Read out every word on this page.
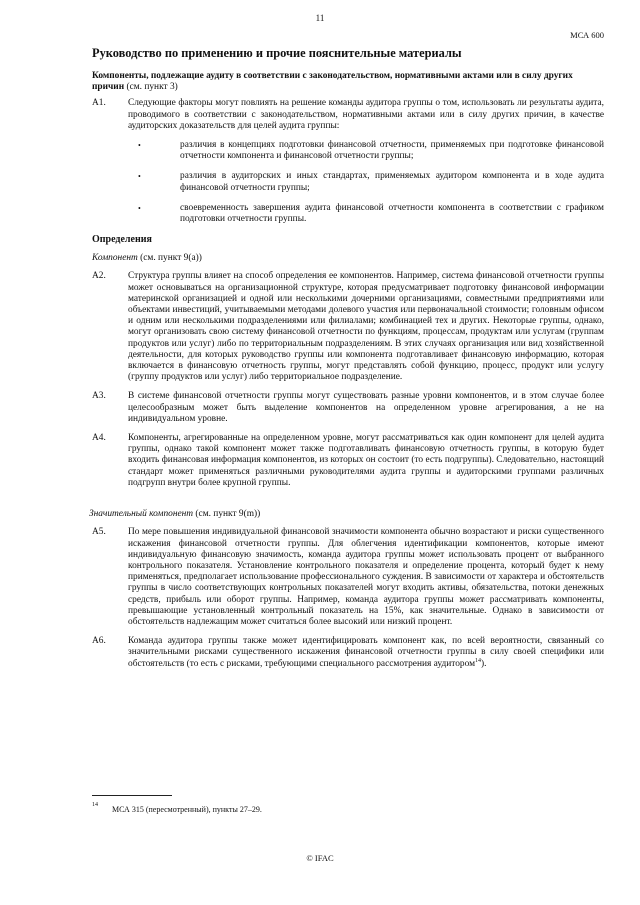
11
МСА 600
Руководство по применению и прочие пояснительные материалы

Компоненты, подлежащие аудиту в соответствии с законодательством, нормативными актами или в силу других причин (см. пункт 3)

A1.	Следующие факторы могут повлиять на решение команды аудитора группы о том, использовать ли результаты аудита, проводимого в соответствии с законодательством, нормативными актами или в силу других причин, в качестве аудиторских доказательств для целей аудита группы:
•	различия в концепциях подготовки финансовой отчетности, применяемых при подготовке финансовой отчетности компонента и финансовой отчетности группы;
•	различия в аудиторских и иных стандартах, применяемых аудитором компонента и в ходе аудита финансовой отчетности группы;
•	своевременность завершения аудита финансовой отчетности компонента в соответствии с графиком подготовки отчетности группы.
Определения

Компонент (см. пункт 9(a))

A2.	Структура группы влияет на способ определения ее компонентов. Например, система финансовой отчетности группы может основываться на организационной структуре, которая предусматривает подготовку финансовой информации материнской организацией и одной или несколькими дочерними организациями, совместными предприятиями или объектами инвестиций, учитываемыми методами долевого участия или первоначальной стоимости; головным офисом и одним или несколькими подразделениями или филиалами; комбинацией тех и других. Некоторые группы, однако, могут организовать свою систему финансовой отчетности по функциям, процессам, продуктам или услугам (группам продуктов или услуг) либо по территориальным подразделениям. В этих случаях организация или вид хозяйственной деятельности, для которых руководство группы или компонента подготавливает финансовую информацию, которая включается в финансовую отчетность группы, могут представлять собой функцию, процесс, продукт или услугу (группу продуктов или услуг) либо территориальное подразделение.
A3.	В системе финансовой отчетности группы могут существовать разные уровни компонентов, и в этом случае более целесообразным может быть выделение компонентов на определенном уровне агрегирования, а не на индивидуальном уровне.
A4.	Компоненты, агрегированные на определенном уровне, могут рассматриваться как один компонент для целей аудита группы, однако такой компонент может также подготавливать финансовую отчетность группы, в которую будет входить финансовая информация компонентов, из которых он состоит (то есть подгруппы). Следовательно, настоящий стандарт может применяться различными руководителями аудита группы и аудиторскими группами различных подгрупп внутри более крупной группы.

Значительный компонент (см. пункт 9(m))

A5.	По мере повышения индивидуальной финансовой значимости компонента обычно возрастают и риски существенного искажения финансовой отчетности группы. Для облегчения идентификации компонентов, которые имеют индивидуальную финансовую значимость, команда аудитора группы может использовать процент от выбранного контрольного показателя. Установление контрольного показателя и определение процента, который будет к нему применяться, предполагает использование профессионального суждения. В зависимости от характера и обстоятельств группы в число соответствующих контрольных показателей могут входить активы, обязательства, потоки денежных средств, прибыль или оборот группы. Например, команда аудитора группы может рассматривать компоненты, превышающие установленный контрольный показатель на 15%, как значительные. Однако в зависимости от обстоятельств надлежащим может считаться более высокий или низкий процент.
A6.	Команда аудитора группы также может идентифицировать компонент как, по всей вероятности, связанный со значительными рисками существенного искажения финансовой отчетности группы в силу своей специфики или обстоятельств (то есть с рисками, требующими специального рассмотрения аудитором$^{14}$).
14	МСА 315 (пересмотренный), пункты 27–29.
© IFAC
